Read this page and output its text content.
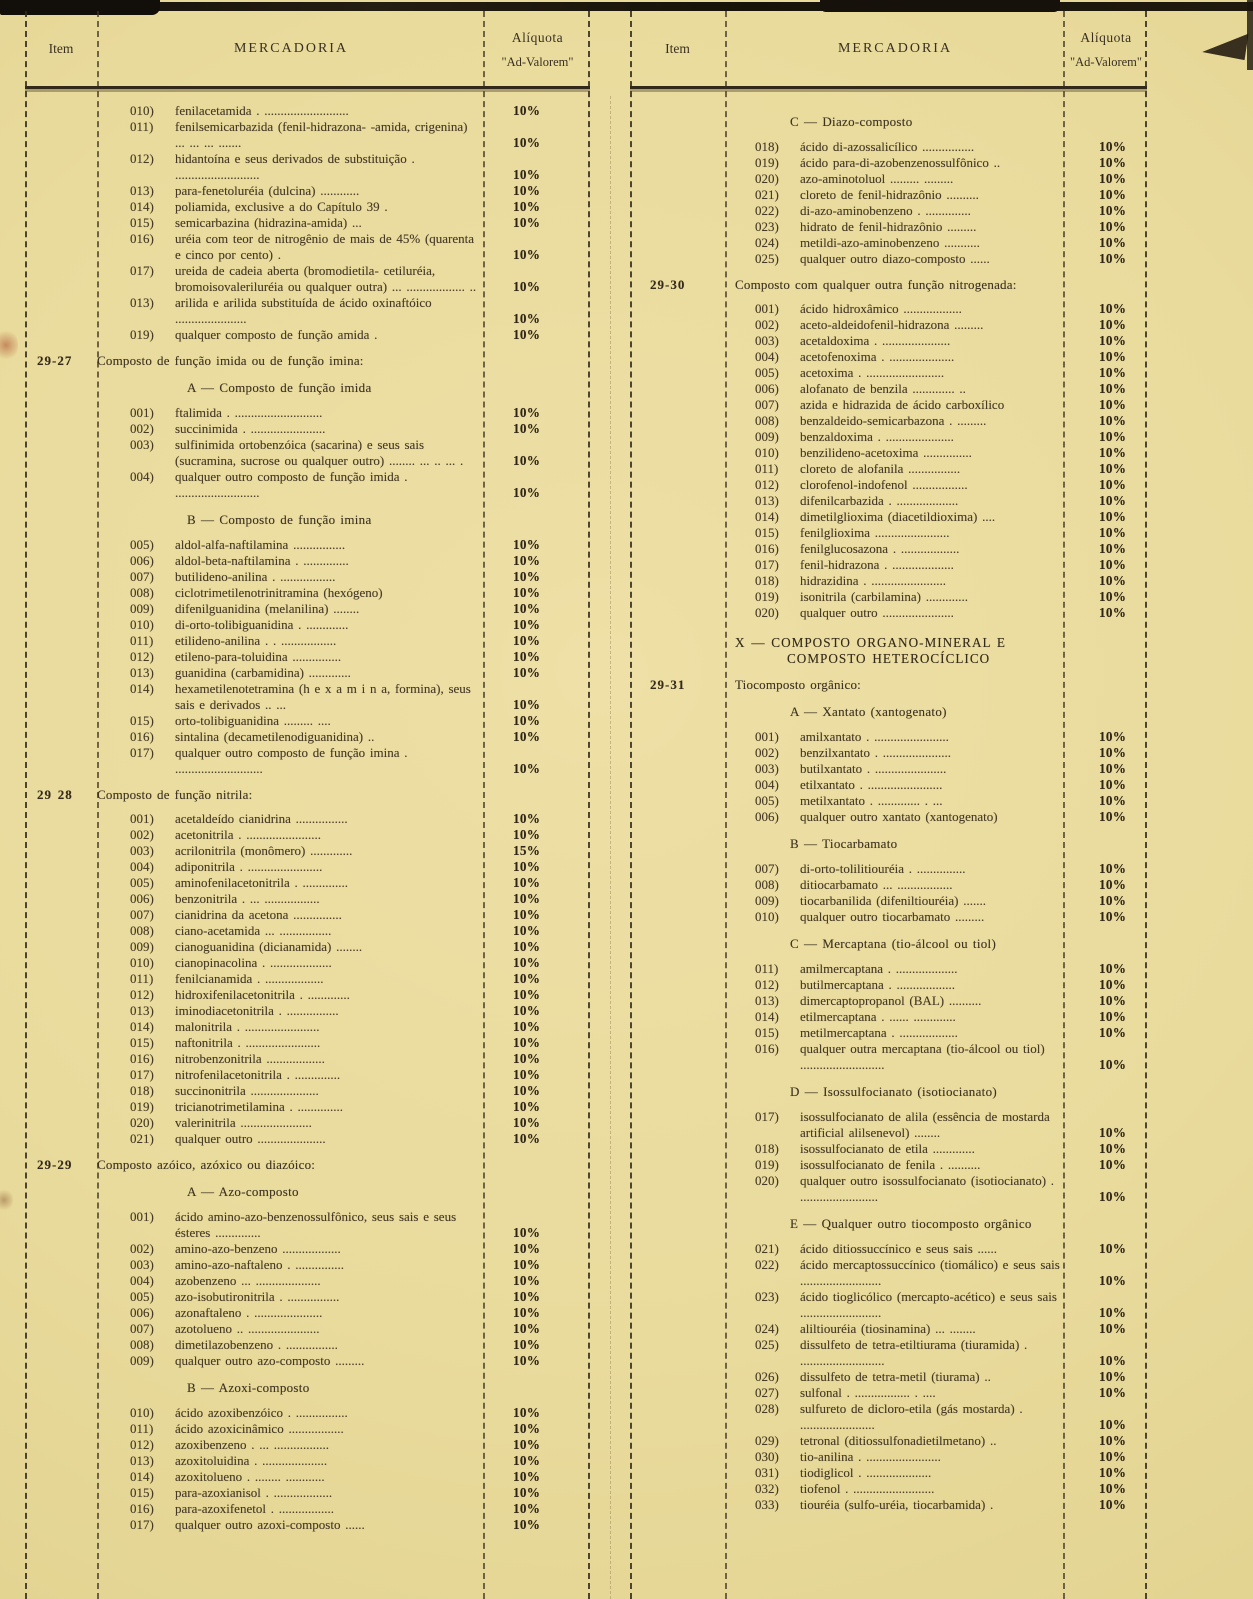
Item	MERCADORIA
Alíquota
"Ad-Valorem"
010)	fenilacetamida . ..........................	10%
011)	fenilsemicarbazida (fenil-hidrazona- -amida, crigenina) ... ... ... .......	10%
012)	hidantoína e seus derivados de substituição . ..........................	10%
013)	para-fenetoluréia (dulcina) ............	10%
014)	poliamida, exclusive a do Capítulo 39 .	10%
015)	semicarbazina (hidrazina-amida) ...	10%
016)	uréia com teor de nitrogênio de mais de 45% (quarenta e cinco por cento) .	10%
017)	ureida de cadeia aberta (bromodietila- cetiluréia, bromoisovaleriluréia ou qualquer outra) ... .................. ..	10%
013)	arilida e arilida substituída de ácido oxinaftóico ......................	10%
019)	qualquer composto de função amida .	10%
29-27	Composto de função imida ou de função imina:
A — Composto de função imida
001)	ftalimida . ...........................	10%
002)	succinimida . .......................	10%
003)	sulfinimida ortobenzóica (sacarina) e seus sais (sucramina, sucrose ou qualquer outro) ........ ... .. ... .	10%
004)	qualquer outro composto de função imida . ..........................	10%
B — Composto de função imina
005)	aldol-alfa-naftilamina ................	10%
006)	aldol-beta-naftilamina . ..............	10%
007)	butilideno-anilina . .................	10%
008)	ciclotrimetilenotrinitramina (hexógeno)	10%
009)	difenilguanidina (melanilina) ........	10%
010)	di-orto-tolibiguanidina . .............	10%
011)	etilideno-anilina . . .................	10%
012)	etileno-para-toluidina ...............	10%
013)	guanidina (carbamidina) .............	10%
014)	hexametilenotetramina (h e x a m i n a, formina), seus sais e derivados .. ...	10%
015)	orto-tolibiguanidina ......... ....	10%
016)	sintalina (decametilenodiguanidina) ..	10%
017)	qualquer outro composto de função imina . ...........................	10%
29 28	Composto de função nitrila:
001)	acetaldeído cianidrina ................	10%
002)	acetonitrila . .......................	10%
003)	acrilonitrila (monômero) .............	15%
004)	adiponitrila . .......................	10%
005)	aminofenilacetonitrila . ..............	10%
006)	benzonitrila . ... .................	10%
007)	cianidrina da acetona ...............	10%
008)	ciano-acetamida ... ................	10%
009)	cianoguanidina (dicianamida) ........	10%
010)	cianopinacolina . ...................	10%
011)	fenilcianamida . ..................	10%
012)	hidroxifenilacetonitrila . .............	10%
013)	iminodiacetonitrila . ................	10%
014)	malonitrila . .......................	10%
015)	naftonitrila . .......................	10%
016)	nitrobenzonitrila ..................	10%
017)	nitrofenilacetonitrila . ..............	10%
018)	succinonitrila .....................	10%
019)	tricianotrimetilamina . ..............	10%
020)	valerinitrila ......................	10%
021)	qualquer outro .....................	10%
29-29	Composto azóico, azóxico ou diazóico:
A — Azo-composto
001)	ácido amino-azo-benzenossulfônico, seus sais e seus ésteres ..............	10%
002)	amino-azo-benzeno ..................	10%
003)	amino-azo-naftaleno . ...............	10%
004)	azobenzeno ... ....................	10%
005)	azo-isobutironitrila . ................	10%
006)	azonaftaleno . .....................	10%
007)	azotolueno .. ......................	10%
008)	dimetilazobenzeno . ................	10%
009)	qualquer outro azo-composto .........	10%
B — Azoxi-composto
010)	ácido azoxibenzóico . ................	10%
011)	ácido azoxicinâmico .................	10%
012)	azoxibenzeno . ... .................	10%
013)	azoxitoluidina . ....................	10%
014)	azoxitolueno . ........ ............	10%
015)	para-azoxianisol . ..................	10%
016)	para-azoxifenetol . .................	10%
017)	qualquer outro azoxi-composto ......	10%
Item	MERCADORIA
Alíquota
"Ad-Valorem"
C — Diazo-composto
018)	ácido di-azossalicílico ................	10%
019)	ácido para-di-azobenzenossulfônico ..	10%
020)	azo-aminotoluol ......... .........	10%
021)	cloreto de fenil-hidrazônio ..........	10%
022)	di-azo-aminobenzeno . ..............	10%
023)	hidrato de fenil-hidrazônio .........	10%
024)	metildi-azo-aminobenzeno ...........	10%
025)	qualquer outro diazo-composto ......	10%
29-30	Composto com qualquer outra função nitrogenada:
001)	ácido hidroxâmico ..................	10%
002)	aceto-aldeidofenil-hidrazona .........	10%
003)	acetaldoxima . .....................	10%
004)	acetofenoxima . ....................	10%
005)	acetoxima . ........................	10%
006)	alofanato de benzila ............. ..	10%
007)	azida e hidrazida de ácido carboxílico	10%
008)	benzaldeido-semicarbazona . .........	10%
009)	benzaldoxima . .....................	10%
010)	benzilideno-acetoxima ...............	10%
011)	cloreto de alofanila ................	10%
012)	clorofenol-indofenol .................	10%
013)	difenilcarbazida . ...................	10%
014)	dimetilglioxima (diacetildioxima) ....	10%
015)	fenilglioxima .......................	10%
016)	fenilglucosazona . ..................	10%
017)	fenil-hidrazona . ...................	10%
018)	hidrazidina . .......................	10%
019)	isonitrila (carbilamina) .............	10%
020)	qualquer outro ......................	10%
X — COMPOSTO ORGANO-MINERAL E COMPOSTO HETEROCÍCLICO
29-31	Tiocomposto orgânico:
A — Xantato (xantogenato)
001)	amilxantato . .......................	10%
002)	benzilxantato . .....................	10%
003)	butilxantato . ......................	10%
004)	etilxantato . .......................	10%
005)	metilxantato . ............. . ...	10%
006)	qualquer outro xantato (xantogenato)	10%
B — Tiocarbamato
007)	di-orto-tolilitiouréia . ...............	10%
008)	ditiocarbamato ... .................	10%
009)	tiocarbanilida (difeniltiouréia) .......	10%
010)	qualquer outro tiocarbamato .........	10%
C — Mercaptana (tio-álcool ou tiol)
011)	amilmercaptana . ...................	10%
012)	butilmercaptana . ..................	10%
013)	dimercaptopropanol (BAL) ..........	10%
014)	etilmercaptana . ...... .............	10%
015)	metilmercaptana . ..................	10%
016)	qualquer outra mercaptana (tio-álcool ou tiol) ..........................	10%
D — Isossulfocianato (isotiocianato)
017)	isossulfocianato de alila (essência de mostarda artificial alilsenevol) ........	10%
018)	isossulfocianato de etila .............	10%
019)	isossulfocianato de fenila . ..........	10%
020)	qualquer outro isossulfocianato (isotiocianato) . ........................	10%
E — Qualquer outro tiocomposto orgânico
021)	ácido ditiossuccínico e seus sais ......	10%
022)	ácido mercaptossuccínico (tiomálico) e seus sais .........................	10%
023)	ácido tioglicólico (mercapto-acético) e seus sais .........................	10%
024)	aliltiouréia (tiosinamina) ... ........	10%
025)	dissulfeto de tetra-etiltiurama (tiuramida) . ..........................	10%
026)	dissulfeto de tetra-metil (tiurama) ..	10%
027)	sulfonal . ................. . ....	10%
028)	sulfureto de dicloro-etila (gás mostarda) . .......................	10%
029)	tetronal (ditiossulfonadietilmetano) ..	10%
030)	tio-anilina . .......................	10%
031)	tiodiglicol . ....................	10%
032)	tiofenol . .........................	10%
033)	tiouréia (sulfo-uréia, tiocarbamida) .	10%
